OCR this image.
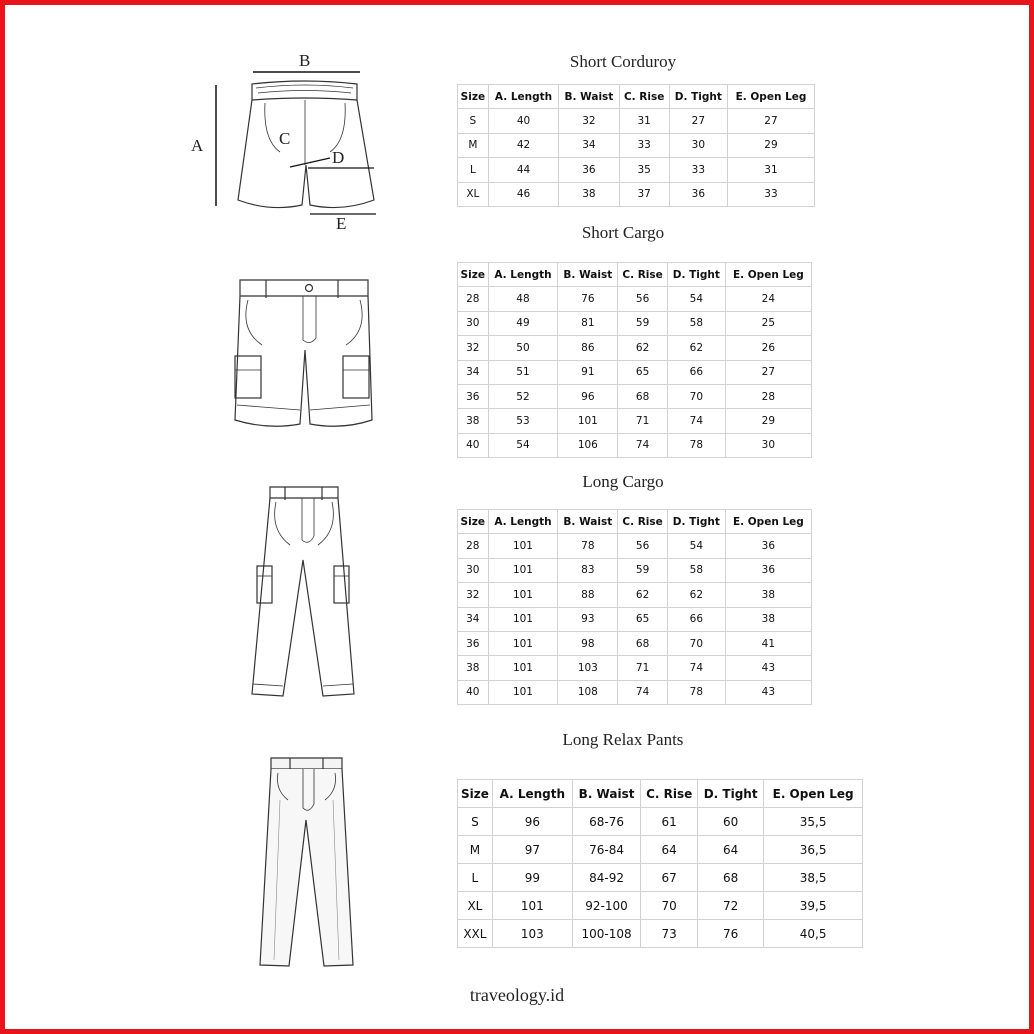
B
A	C
D
E
Short Corduroy
Short Cargo
Long Cargo
Long Relax Pants
Size	A. Length	B. Waist	C. Rise	D. Tight	E. Open Leg
S	40	32	31	27	27
M	42	34	33	30	29
L	44	36	35	33	31
XL	46	38	37	36	33
Size	A. Length	B. Waist	C. Rise	D. Tight	E. Open Leg
28	48	76	56	54	24
30	49	81	59	58	25
32	50	86	62	62	26
34	51	91	65	66	27
36	52	96	68	70	28
38	53	101	71	74	29
40	54	106	74	78	30
Size	A. Length	B. Waist	C. Rise	D. Tight	E. Open Leg
28	101	78	56	54	36
30	101	83	59	58	36
32	101	88	62	62	38
34	101	93	65	66	38
36	101	98	68	70	41
38	101	103	71	74	43
40	101	108	74	78	43
Size	A. Length	B. Waist	C. Rise	D. Tight	E. Open Leg
S	96	68-76	61	60	35,5
M	97	76-84	64	64	36,5
L	99	84-92	67	68	38,5
XL	101	92-100	70	72	39,5
XXL	103	100-108	73	76	40,5
traveology.id
